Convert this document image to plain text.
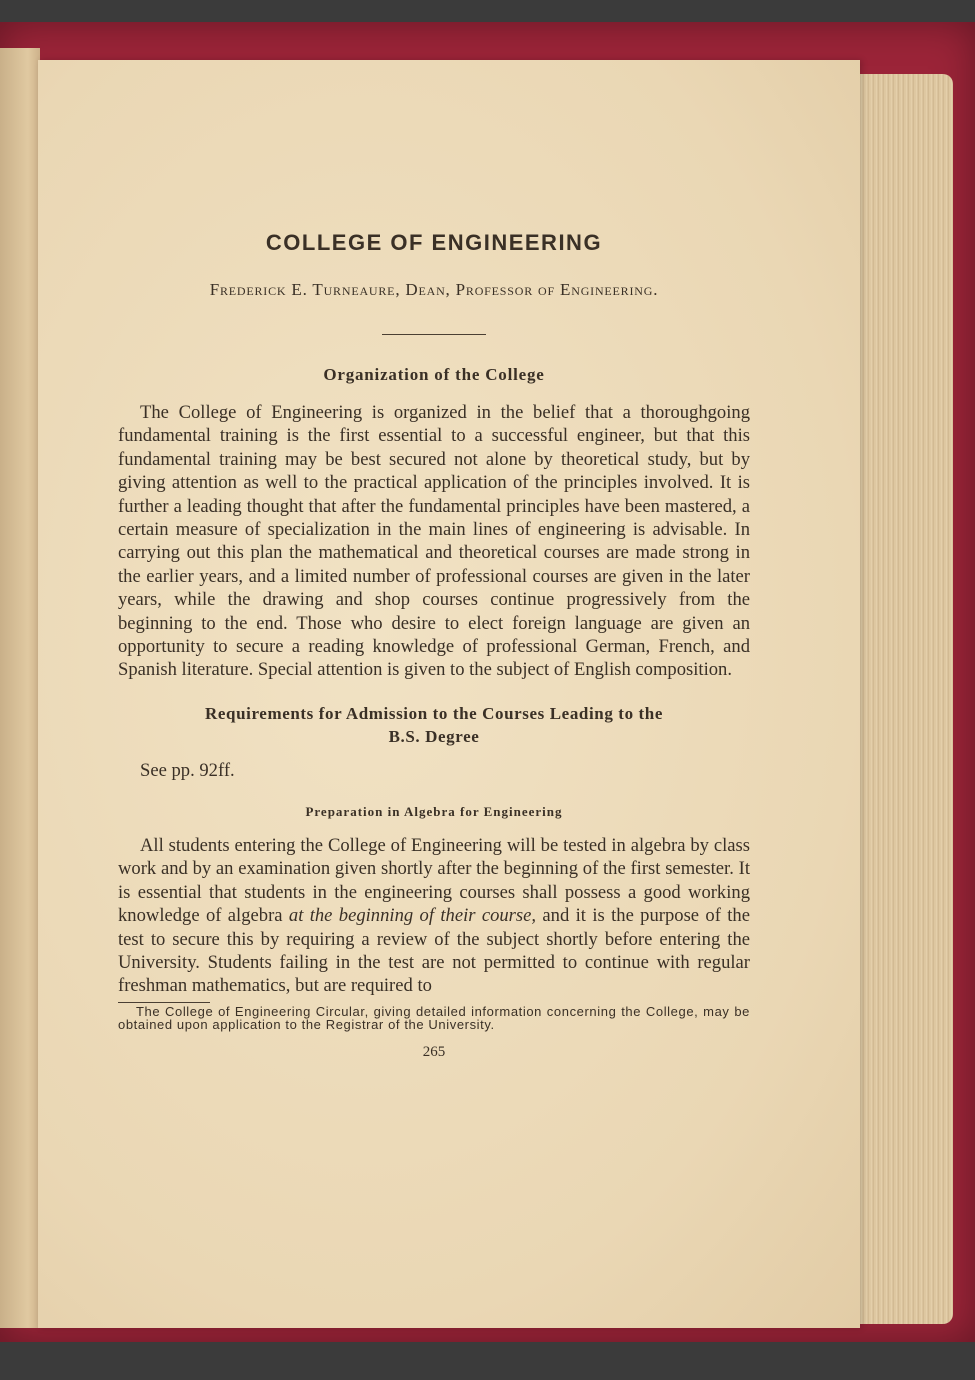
COLLEGE OF ENGINEERING
Frederick E. Turneaure, Dean, Professor of Engineering.
Organization of the College

The College of Engineering is organized in the belief that a thoroughgoing fundamental training is the first essential to a successful engineer, but that this fundamental training may be best secured not alone by theoretical study, but by giving attention as well to the practical application of the principles involved. It is further a leading thought that after the fundamental principles have been mastered, a certain measure of specialization in the main lines of engineering is advisable. In carrying out this plan the mathematical and theoretical courses are made strong in the earlier years, and a limited number of professional courses are given in the later years, while the drawing and shop courses continue progressively from the beginning to the end. Those who desire to elect foreign language are given an opportunity to secure a reading knowledge of professional German, French, and Spanish literature. Special attention is given to the subject of English composition.

Requirements for Admission to the Courses Leading to the
B.S. Degree
See pp. 92ff.
Preparation in Algebra for Engineering

All students entering the College of Engineering will be tested in algebra by class work and by an examination given shortly after the beginning of the first semester. It is essential that students in the engineering courses shall possess a good working knowledge of algebra at the beginning of their course, and it is the purpose of the test to secure this by requiring a review of the subject shortly before entering the University. Students failing in the test are not permitted to continue with regular freshman mathematics, but are required to

The College of Engineering Circular, giving detailed information concerning the College, may be obtained upon application to the Registrar of the University.
265
